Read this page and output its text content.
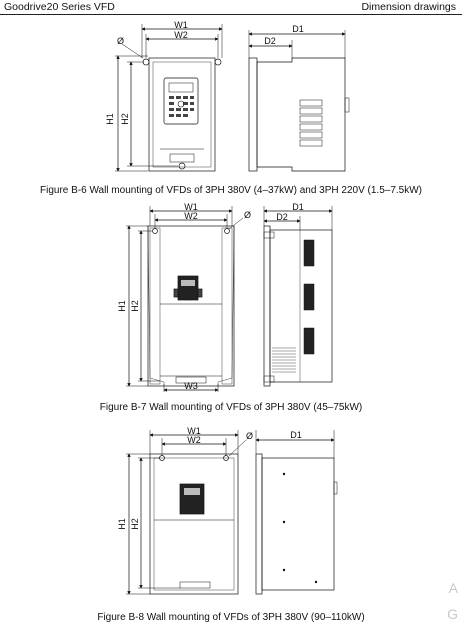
Goodrive20 Series VFD	Dimension drawings
W1
W2
Ø
H1 H2
D1
D2
Figure B-6 Wall mounting of VFDs of 3PH 380V (4–37kW) and 3PH 220V (1.5–7.5kW)
W1
W2
W3
Ø
H1 H2
D1
D2
Figure B-7 Wall mounting of VFDs of 3PH 380V (45–75kW)
W1
W2	Ø
H1 H2
D1
Figure B-8 Wall mounting of VFDs of 3PH 380V (90–110kW)
A
G
